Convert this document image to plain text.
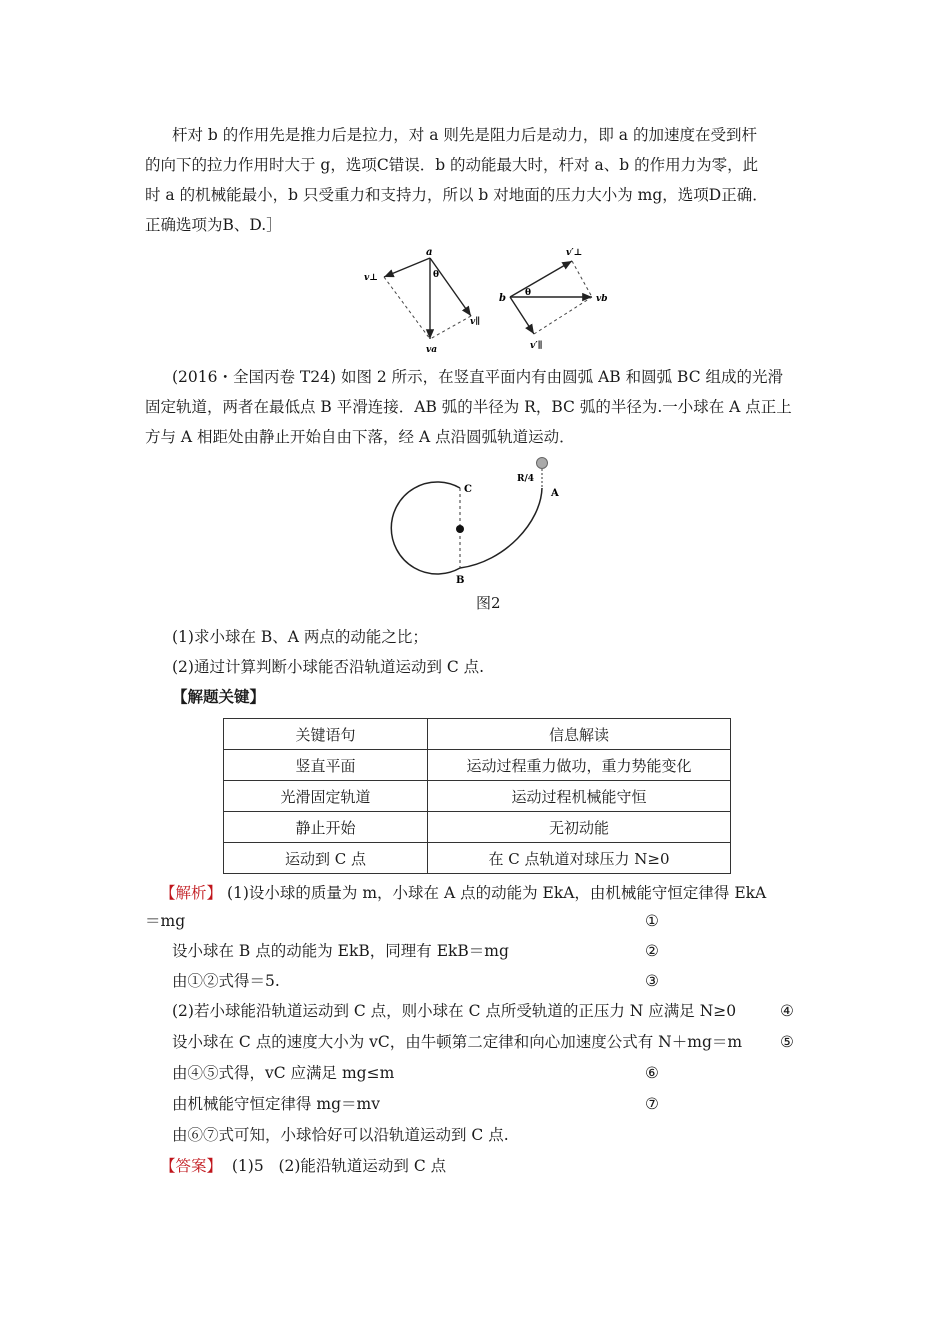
杆对 b 的作用先是推力后是拉力，对 a 则先是阻力后是动力，即 a 的加速度在受到杆
的向下的拉力作用时大于 g，选项C错误．b 的动能最大时，杆对 a、b 的作用力为零，此
时 a 的机械能最小，b 只受重力和支持力，所以 b 对地面的压力大小为 mg，选项D正确．
正确选项为B、D.］
a
θ
v⊥
v∥
va
b θ
vb
v′⊥
v′∥
(2016・全国丙卷 T24) 如图 2 所示，在竖直平面内有由圆弧 AB 和圆弧 BC 组成的光滑
固定轨道，两者在最低点 B 平滑连接．AB 弧的半径为 R，BC 弧的半径为.一小球在 A 点正上
方与 A 相距处由静止开始自由下落，经 A 点沿圆弧轨道运动．
C
B
A
R/4
图2
(1)求小球在 B、A 两点的动能之比；
(2)通过计算判断小球能否沿轨道运动到 C 点.
【解题关键】
关键语句	信息解读
竖直平面	运动过程重力做功，重力势能变化
光滑固定轨道	运动过程机械能守恒
静止开始	无初动能
运动到 C 点	在 C 点轨道对球压力 N≥0
【解析】 (1)设小球的质量为 m，小球在 A 点的动能为 EkA，由机械能守恒定律得 EkA
＝mg	①
设小球在 B 点的动能为 EkB，同理有 EkB＝mg	②
由①②式得＝5.	③
(2)若小球能沿轨道运动到 C 点，则小球在 C 点所受轨道的正压力 N 应满足 N≥0	④
设小球在 C 点的速度大小为 vC，由牛顿第二定律和向心加速度公式有 N＋mg＝m ⑤
由④⑤式得，vC 应满足 mg≤m	⑥
由机械能守恒定律得 mg＝mv	⑦
由⑥⑦式可知，小球恰好可以沿轨道运动到 C 点.
【答案】  (1)5   (2)能沿轨道运动到 C 点
